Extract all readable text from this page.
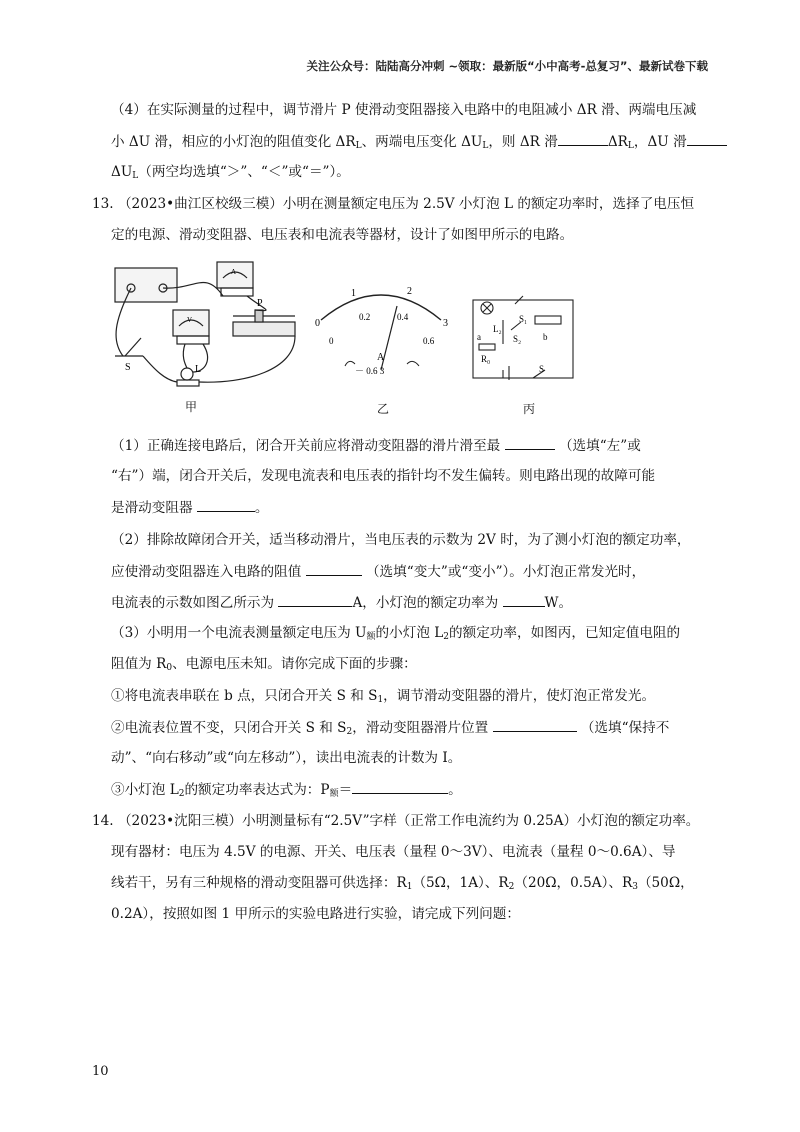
关注公众号：陆陆高分冲刺 ~领取：最新版“小中高考-总复习”、最新试卷下载
（4）在实际测量的过程中，调节滑片 P 使滑动变阻器接入电路中的电阻减小 ΔR 滑、两端电压减
小 ΔU 滑，相应的小灯泡的阻值变化 $\Delta R_L$、两端电压变化 $\Delta U_L$，则 ΔR 滑	$\Delta R_L$，ΔU 滑
$\Delta U_L$（两空均选填“＞”、“＜”或“＝”）。
13. （2023•曲江区校级三模）小明在测量额定电压为 2.5V 小灯泡 L 的额定功率时，选择了电压恒
定的电源、滑动变阻器、电压表和电流表等器材，设计了如图甲所示的电路。
S	L
P
A
V	0
1	2
3
0.2	0.4
0.6
0
A
－ 0.6 3
L₂
S₁
S₂
a	b
R₀
S
甲	乙	丙
（1）正确连接电路后，闭合开关前应将滑动变阻器的滑片滑至最	（选填“左”或
“右”）端，闭合开关后，发现电流表和电压表的指针均不发生偏转。则电路出现的故障可能
是滑动变阻器	。
（2）排除故障闭合开关，适当移动滑片，当电压表的示数为 2V 时，为了测小灯泡的额定功率，
应使滑动变阻器连入电路的阻值	（选填“变大”或“变小”）。小灯泡正常发光时，
电流表的示数如图乙所示为	A，小灯泡的额定功率为	W。
（3）小明用一个电流表测量额定电压为 $U_额$的小灯泡 $L_2$的额定功率，如图丙，已知定值电阻的
阻值为 $R_0$、电源电压未知。请你完成下面的步骤：
①将电流表串联在 b 点，只闭合开关 S 和 $S_1$，调节滑动变阻器的滑片，使灯泡正常发光。
②电流表位置不变，只闭合开关 S 和 $S_2$，滑动变阻器滑片位置	（选填“保持不
动”、“向右移动”或“向左移动”），读出电流表的计数为 I。
③小灯泡 $L_2$的额定功率表达式为：$P_额=$	。
14. （2023•沈阳三模）小明测量标有“2.5V”字样（正常工作电流约为 0.25A）小灯泡的额定功率。
现有器材：电压为 4.5V 的电源、开关、电压表（量程 0～3V）、电流表（量程 0～0.6A）、导
线若干，另有三种规格的滑动变阻器可供选择：$R_1(5\Omega$，1A）、$R_2(20\Omega$，0.5A）、$R_3(50\Omega$，
0.2A），按照如图 1 甲所示的实验电路进行实验，请完成下列问题：
10
